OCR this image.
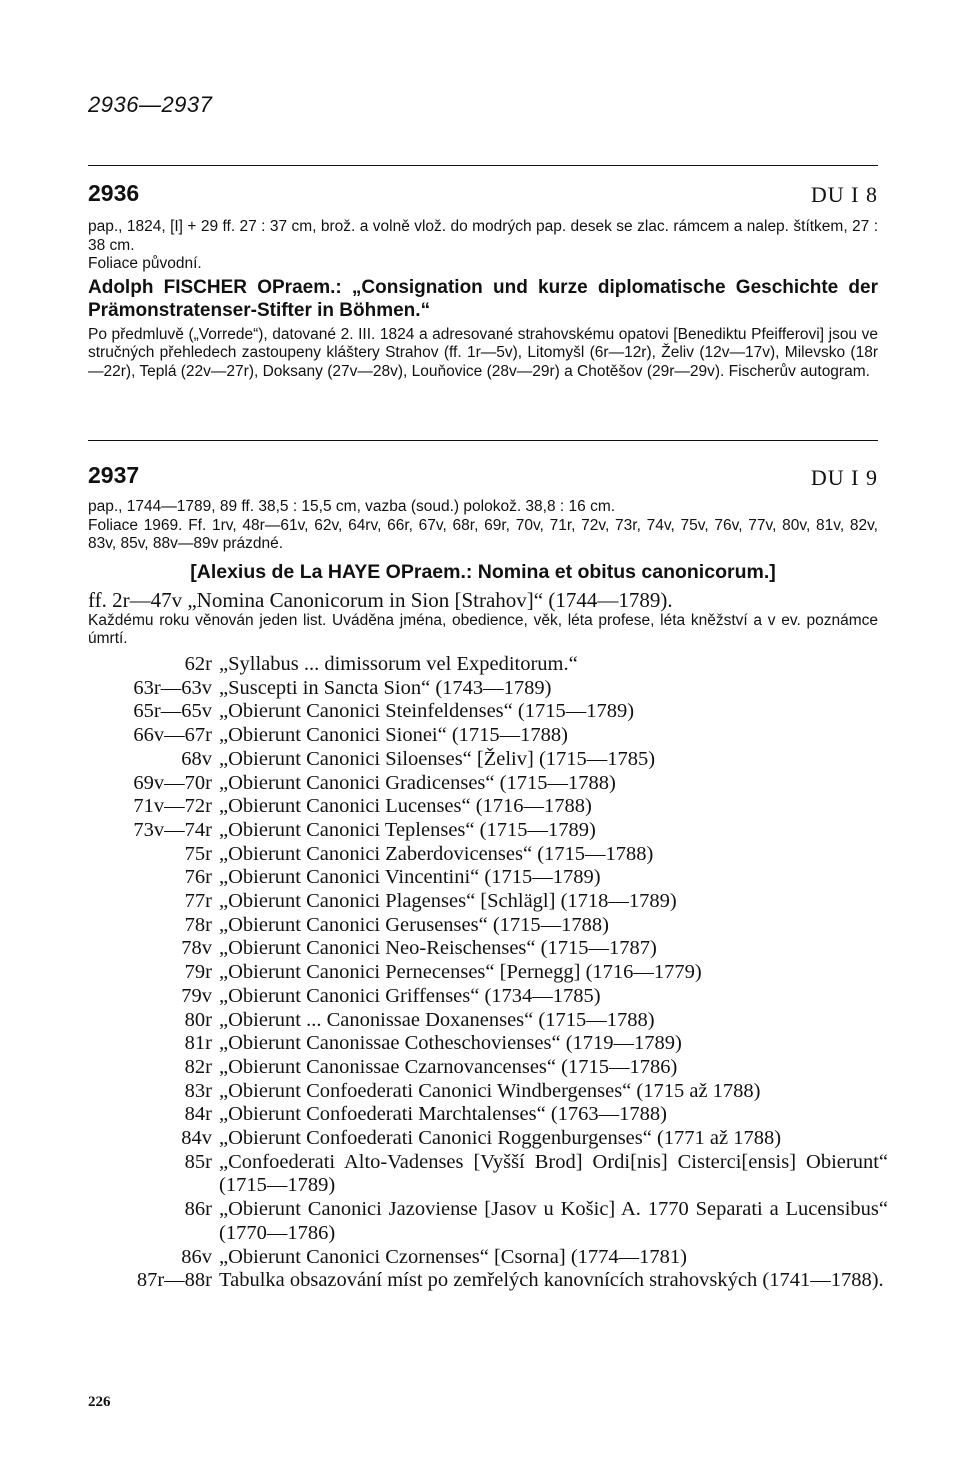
2936—2937
2936	DU I 8

pap., 1824, [I] + 29 ff. 27 : 37 cm, brož. a volně vlož. do modrých pap. desek se zlac. rámcem a nalep. štítkem, 27 : 38 cm.

Foliace původní.

Adolph FISCHER OPraem.: „Consignation und kurze diplomatische Geschichte der Prämonstratenser-Stifter in Böhmen.“

Po předmluvě („Vorrede“), datované 2. III. 1824 a adresované strahovskému opatovi [Benediktu Pfeifferovi] jsou ve stručných přehledech zastoupeny kláštery Strahov (ff. 1r—5v), Litomyšl (6r—12r), Želiv (12v—17v), Milevsko (18r—22r), Teplá (22v—27r), Doksany (27v—28v), Louňovice (28v—29r) a Chotěšov (29r—29v). Fischerův autogram.

2937	DU I 9

pap., 1744—1789, 89 ff. 38,5 : 15,5 cm, vazba (soud.) polokož. 38,8 : 16 cm.

Foliace 1969. Ff. 1rv, 48r—61v, 62v, 64rv, 66r, 67v, 68r, 69r, 70v, 71r, 72v, 73r, 74v, 75v, 76v, 77v, 80v, 81v, 82v, 83v, 85v, 88v—89v prázdné.

[Alexius de La HAYE OPraem.: Nomina et obitus canonicorum.]

ff. 2r—47v „Nomina Canonicorum in Sion [Strahov]“ (1744—1789).

Každému roku věnován jeden list. Uváděna jména, obedience, věk, léta profese, léta kněžství a v ev. poznámce úmrtí.

62r „Syllabus ... dimissorum vel Expeditorum.“
63r—63v „Suscepti in Sancta Sion“ (1743—1789)
65r—65v „Obierunt Canonici Steinfeldenses“ (1715—1789)
66v—67r „Obierunt Canonici Sionei“ (1715—1788)
68v „Obierunt Canonici Siloenses“ [Želiv] (1715—1785)
69v—70r „Obierunt Canonici Gradicenses“ (1715—1788)
71v—72r „Obierunt Canonici Lucenses“ (1716—1788)
73v—74r „Obierunt Canonici Teplenses“ (1715—1789)
75r „Obierunt Canonici Zaberdovicenses“ (1715—1788)
76r „Obierunt Canonici Vincentini“ (1715—1789)
77r „Obierunt Canonici Plagenses“ [Schlägl] (1718—1789)
78r „Obierunt Canonici Gerusenses“ (1715—1788)
78v „Obierunt Canonici Neo-Reischenses“ (1715—1787)
79r „Obierunt Canonici Pernecenses“ [Pernegg] (1716—1779)
79v „Obierunt Canonici Griffenses“ (1734—1785)
80r „Obierunt ... Canonissae Doxanenses“ (1715—1788)
81r „Obierunt Canonissae Cotheschovienses“ (1719—1789)
82r „Obierunt Canonissae Czarnovancenses“ (1715—1786)
83r „Obierunt Confoederati Canonici Windbergenses“ (1715 až 1788)
84r „Obierunt Confoederati Marchtalenses“ (1763—1788)
84v „Obierunt Confoederati Canonici Roggenburgenses“ (1771 až 1788)
85r „Confoederati Alto-Vadenses [Vyšší Brod] Ordi[nis] Cisterci[ensis] Obierunt“ (1715—1789)
86r „Obierunt Canonici Jazoviense [Jasov u Košic] A. 1770 Separati a Lucensibus“ (1770—1786)
86v „Obierunt Canonici Czornenses“ [Csorna] (1774—1781)
87r—88r Tabulka obsazování míst po zemřelých kanovnících strahovských (1741—1788).
226
